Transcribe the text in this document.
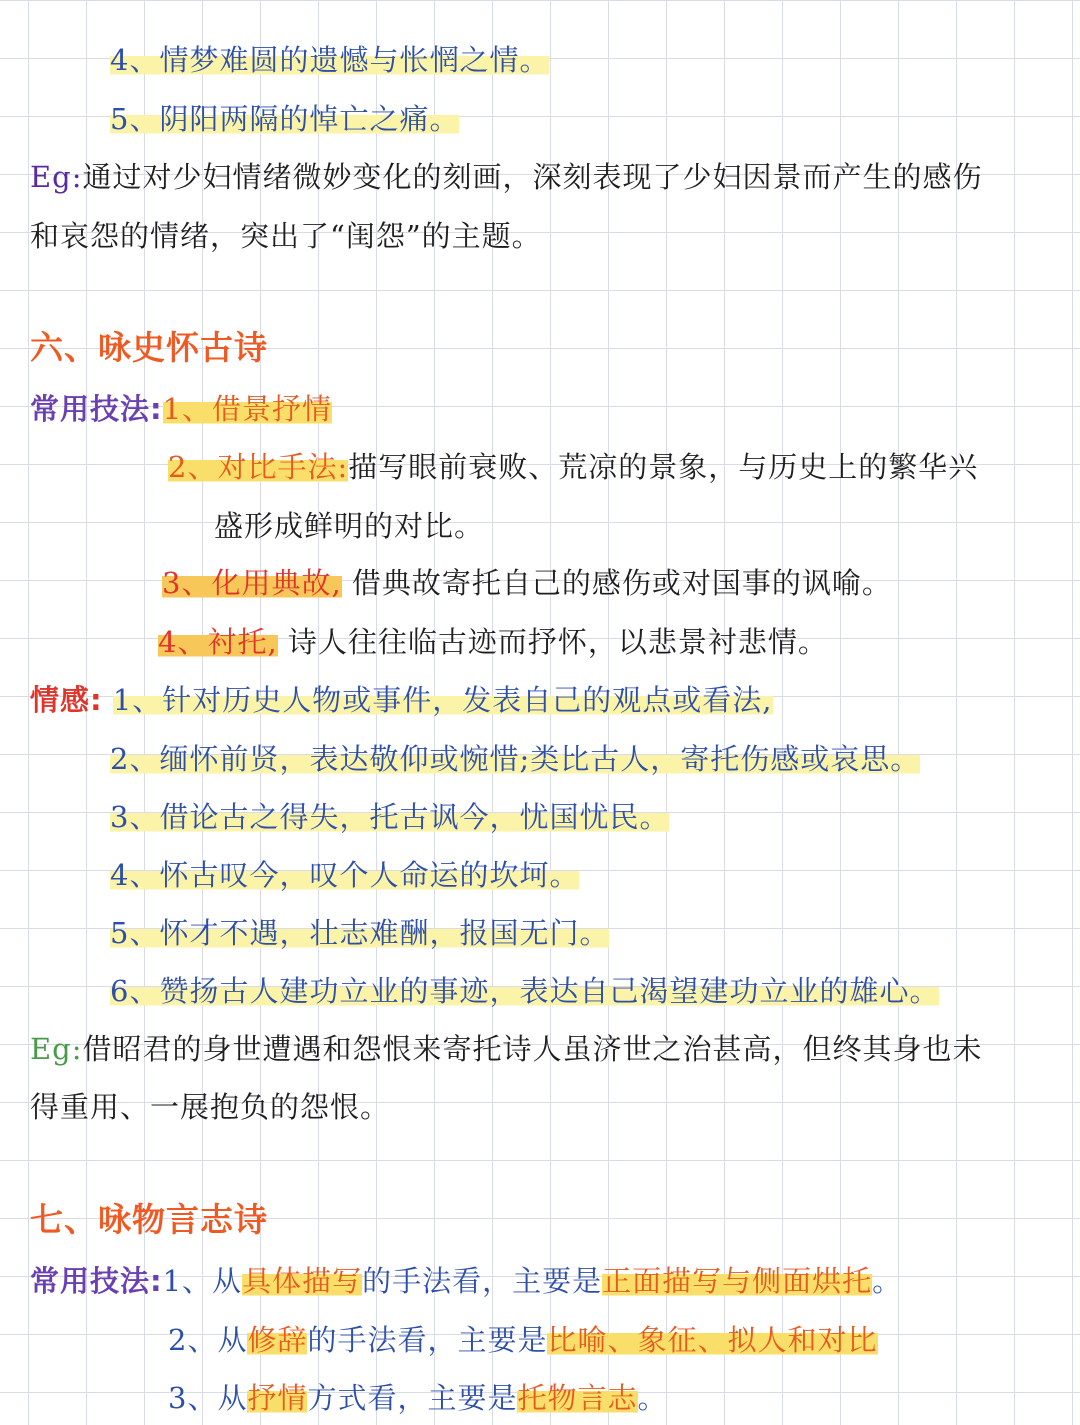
4、情梦难圆的遗憾与怅惘之情。
5、阴阳两隔的悼亡之痛。
Eg:通过对少妇情绪微妙变化的刻画，深刻表现了少妇因景而产生的感伤
和哀怨的情绪，突出了“闺怨”的主题。
六、咏史怀古诗
常用技法:1、借景抒情
2、对比手法:描写眼前衰败、荒凉的景象，与历史上的繁华兴
盛形成鲜明的对比。
3、化用典故, 借典故寄托自己的感伤或对国事的讽喻。
4、衬托, 诗人往往临古迹而抒怀，以悲景衬悲情。
情感: 1、针对历史人物或事件，发表自己的观点或看法,
2、缅怀前贤，表达敬仰或惋惜;类比古人，寄托伤感或哀思。
3、借论古之得失，托古讽今，忧国忧民。
4、怀古叹今，叹个人命运的坎坷。
5、怀才不遇，壮志难酬，报国无门。
6、赞扬古人建功立业的事迹，表达自己渴望建功立业的雄心。
Eg:借昭君的身世遭遇和怨恨来寄托诗人虽济世之治甚高，但终其身也未
得重用、一展抱负的怨恨。
七、咏物言志诗
常用技法:1、从具体描写的手法看，主要是正面描写与侧面烘托。
2、从修辞的手法看，主要是比喻、象征、拟人和对比
3、从抒情方式看，主要是托物言志。
